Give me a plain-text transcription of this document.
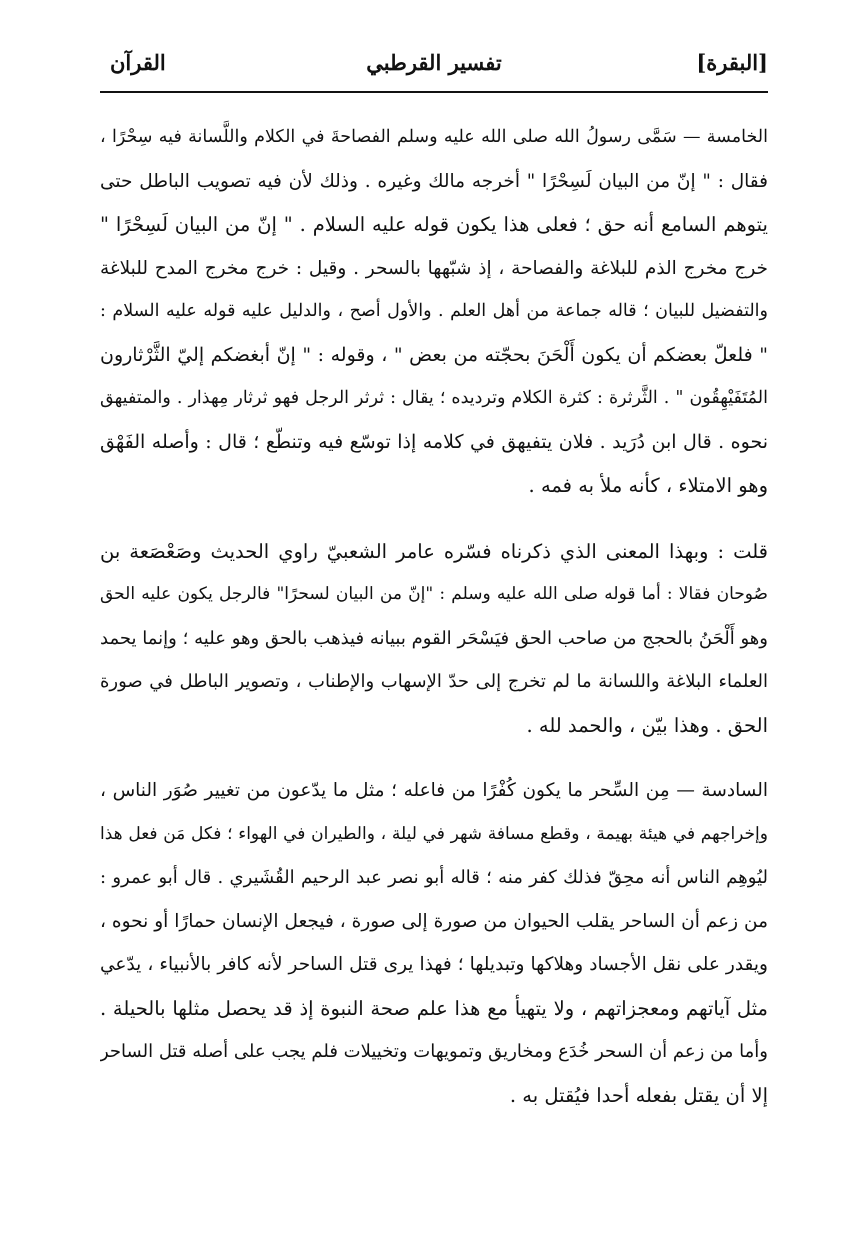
[البقرة]
تفسير القرطبي
القرآن
الخامسة — سَمَّى رسولُ الله صلى الله عليه وسلم الفصاحةَ في الكلام واللَّسانة فيه سِحْرًا ،
فقال : " إنّ من البيان لَسِحْرًا " أخرجه مالك وغيره . وذلك لأن فيه تصويب الباطل حتى
يتوهم السامع أنه حق ؛ فعلى هذا يكون قوله عليه السلام . " إنّ من البيان لَسِحْرًا "
خرج مخرج الذم للبلاغة والفصاحة ، إذ شبّهها بالسحر . وقيل : خرج مخرج المدح للبلاغة
والتفضيل للبيان ؛ قاله جماعة من أهل العلم . والأول أصح ، والدليل عليه قوله عليه السلام :
" فلعلّ بعضكم أن يكون أَلْحَنَ بحجّته من بعض " ، وقوله : " إنّ أبغضكم إليّ الثَّرْثارون
المُتَفَيْهِقُون " . الثَّرثرة : كثرة الكلام وترديده ؛ يقال : ثرثر الرجل فهو ثرثار مِهذار . والمتفيهق
نحوه . قال ابن دُرَيد . فلان يتفيهق في كلامه إذا توسّع فيه وتنطّع ؛ قال : وأصله الفَهْق
وهو الامتلاء ، كأنه ملأ به فمه .
قلت : وبهذا المعنى الذي ذكرناه فسّره عامر الشعبيّ راوي الحديث وصَعْصَعة بن
صُوحان فقالا : أما قوله صلى الله عليه وسلم : "إنّ من البيان لسحرًا" فالرجل يكون عليه الحق
وهو أَلْحَنُ بالحجج من صاحب الحق فيَسْحَر القوم ببيانه فيذهب بالحق وهو عليه ؛ وإنما يحمد
العلماء البلاغة واللسانة ما لم تخرج إلى حدّ الإسهاب والإطناب ، وتصوير الباطل في صورة
الحق . وهذا بيّن ، والحمد لله .
السادسة — مِن السِّحر ما يكون كُفْرًا من فاعله ؛ مثل ما يدّعون من تغيير صُوَر الناس ،
وإخراجهم في هيئة بهيمة ، وقطع مسافة شهر في ليلة ، والطيران في الهواء ؛ فكل مَن فعل هذا
ليُوهِم الناس أنه محِقّ فذلك كفر منه ؛ قاله أبو نصر عبد الرحيم القُشَيري . قال أبو عمرو :
من زعم أن الساحر يقلب الحيوان من صورة إلى صورة ، فيجعل الإنسان حمارًا أو نحوه ،
ويقدر على نقل الأجساد وهلاكها وتبديلها ؛ فهذا يرى قتل الساحر لأنه كافر بالأنبياء ، يدّعي
مثل آياتهم ومعجزاتهم ، ولا يتهيأ مع هذا علم صحة النبوة إذ قد يحصل مثلها بالحيلة .
وأما من زعم أن السحر خُدَع ومخاريق وتمويهات وتخييلات فلم يجب على أصله قتل الساحر
إلا أن يقتل بفعله أحدا فيُقتل به .
